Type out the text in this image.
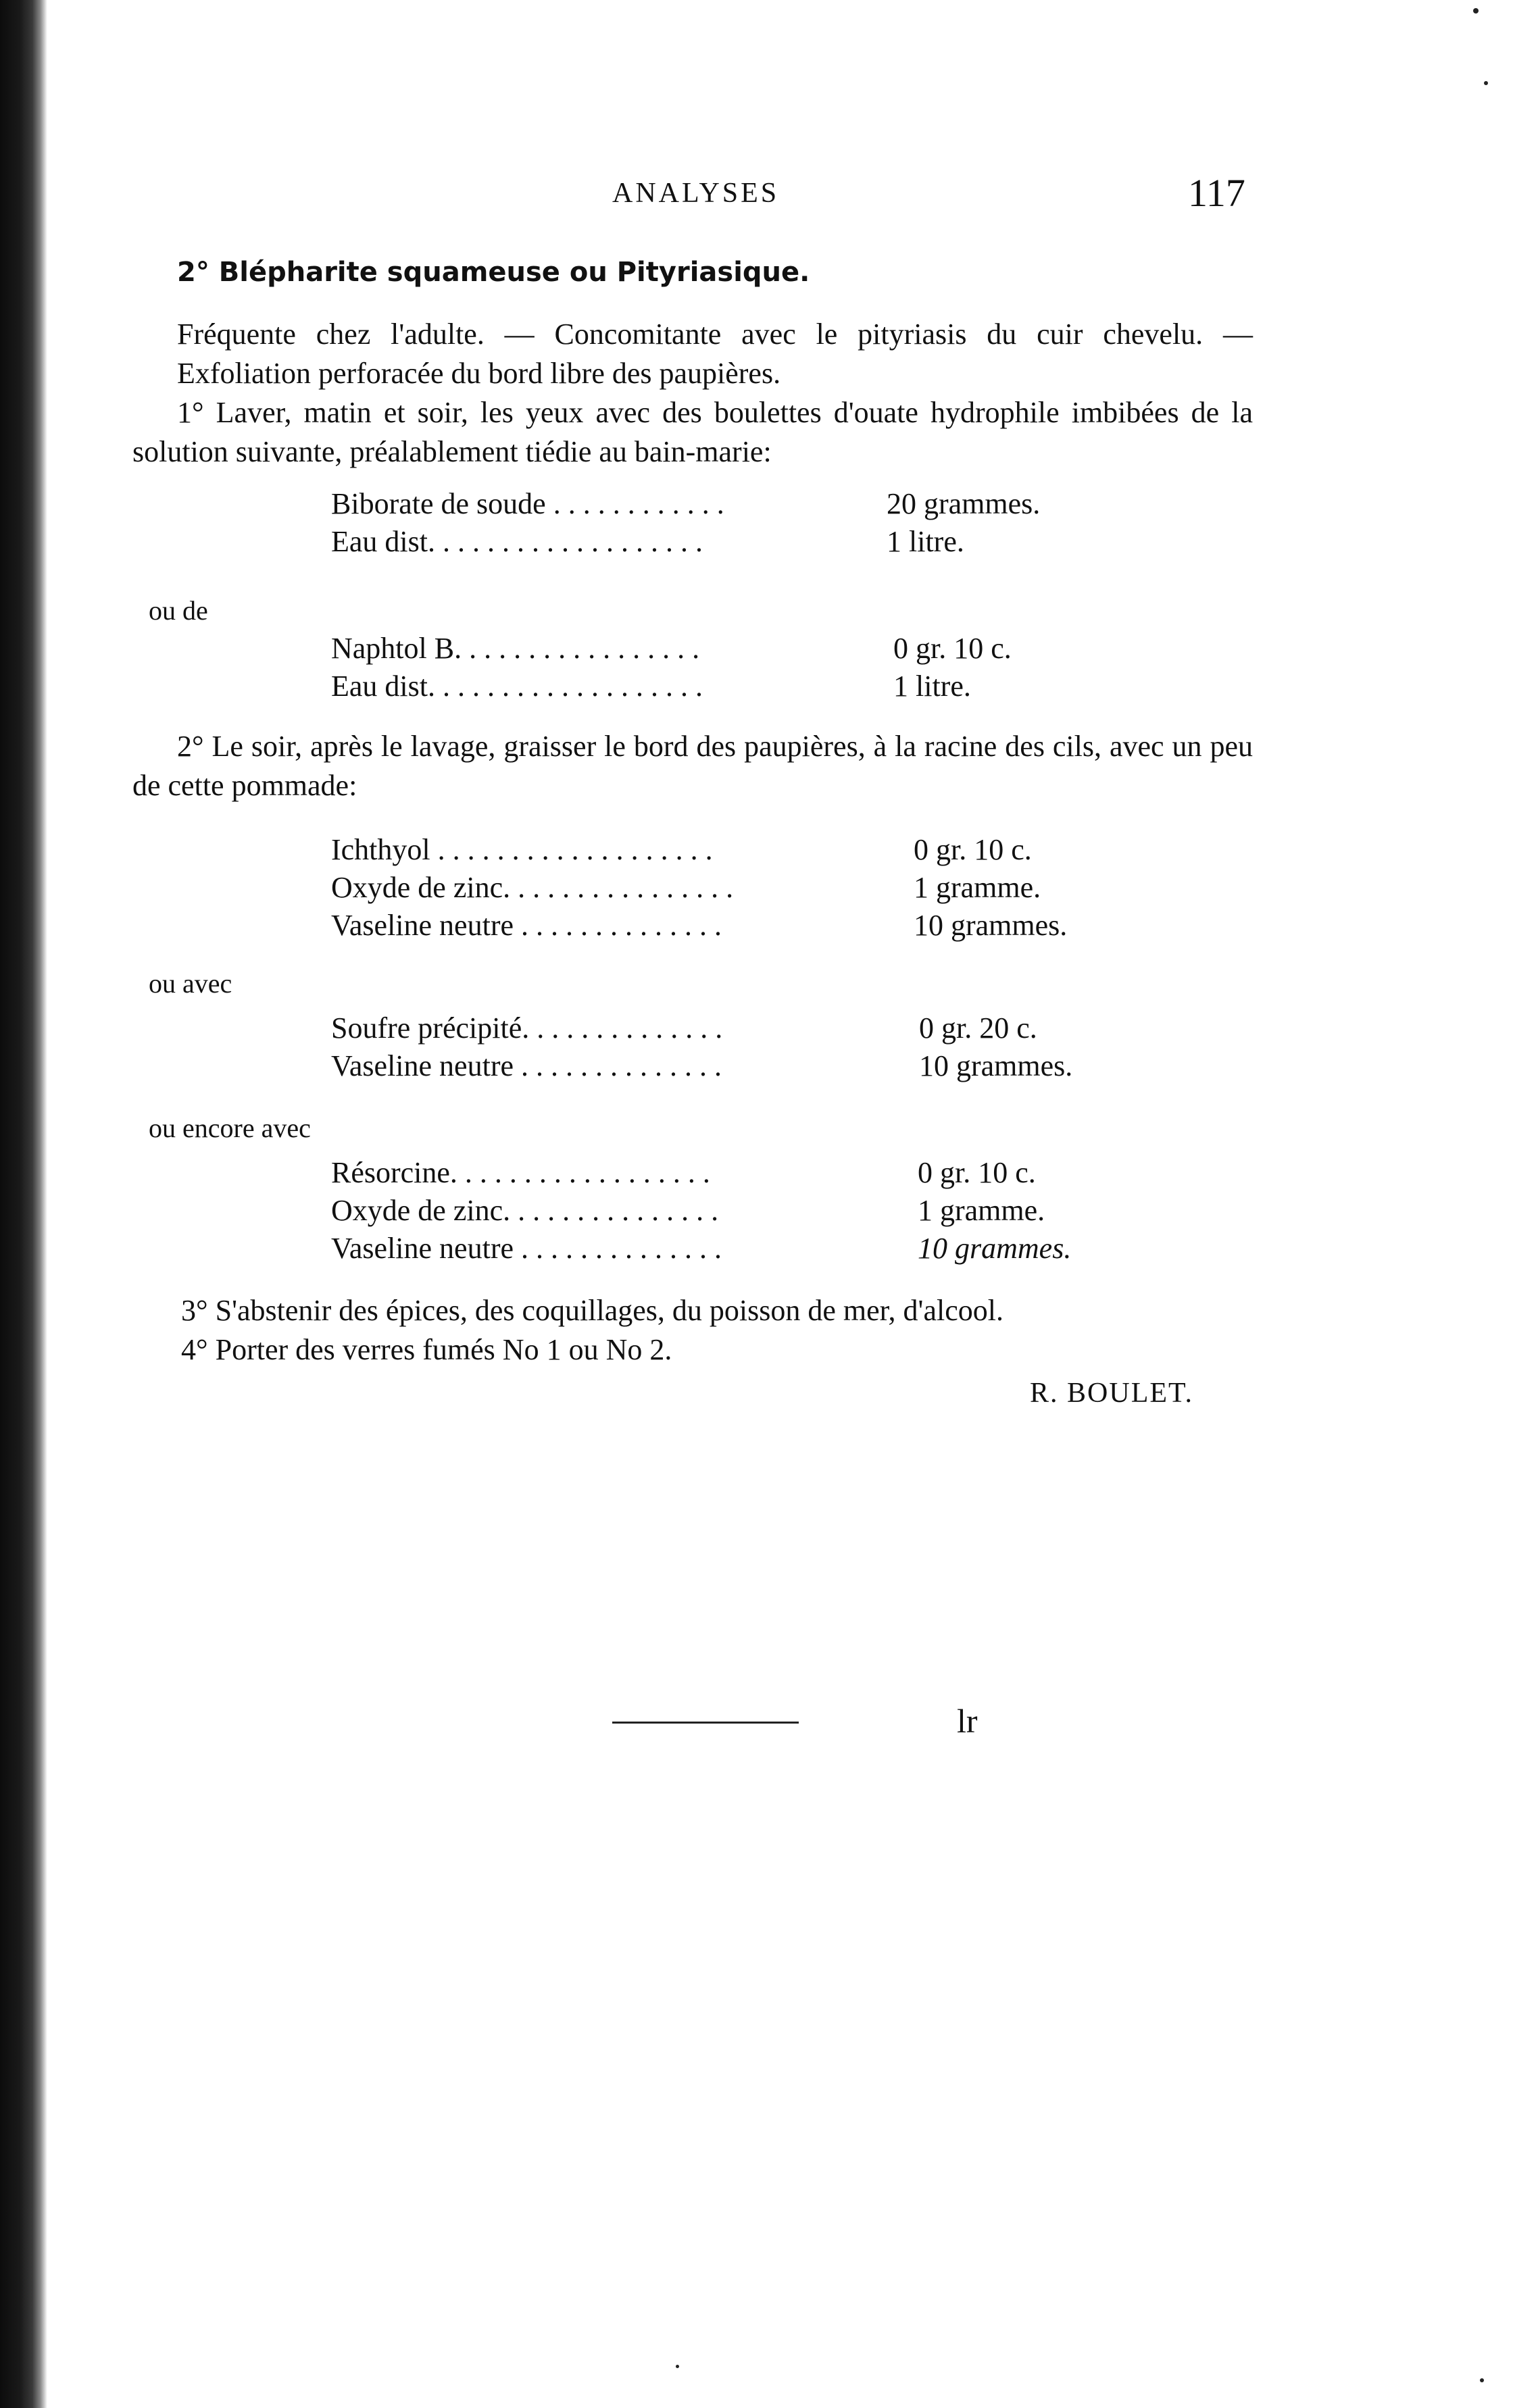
ANALYSES	117
2° Blépharite squameuse ou Pityriasique.
Fréquente chez l'adulte. — Concomitante avec le pityriasis du cuir chevelu. — Exfoliation perforacée du bord libre des paupières.
1° Laver, matin et soir, les yeux avec des boulettes d'ouate hydrophile imbibées de la solution suivante, préalablement tiédie au bain-marie:
Biborate de soude . . . . . . . . . . . .	20 grammes.
Eau dist. . . . . . . . . . . . . . . . . . .	1 litre.
ou de
Naphtol B. . . . . . . . . . . . . . . . .	0 gr. 10 c.
Eau dist. . . . . . . . . . . . . . . . . . .	1 litre.
2° Le soir, après le lavage, graisser le bord des paupières, à la racine des cils, avec un peu de cette pommade:
Ichthyol . . . . . . . . . . . . . . . . . . .	0 gr. 10 c.
Oxyde de zinc. . . . . . . . . . . . . . . .	1 gramme.
Vaseline neutre . . . . . . . . . . . . . .	10 grammes.
ou avec
Soufre précipité. . . . . . . . . . . . . .	0 gr. 20 c.
Vaseline neutre . . . . . . . . . . . . . .	10 grammes.
ou encore avec
Résorcine. . . . . . . . . . . . . . . . . .	0 gr. 10 c.
Oxyde de zinc. . . . . . . . . . . . . . .	1 gramme.
Vaseline neutre . . . . . . . . . . . . . .	10 grammes.
3° S'abstenir des épices, des coquillages, du poisson de mer, d'alcool.
4° Porter des verres fumés No 1 ou No 2.
R. BOULET.
lr
